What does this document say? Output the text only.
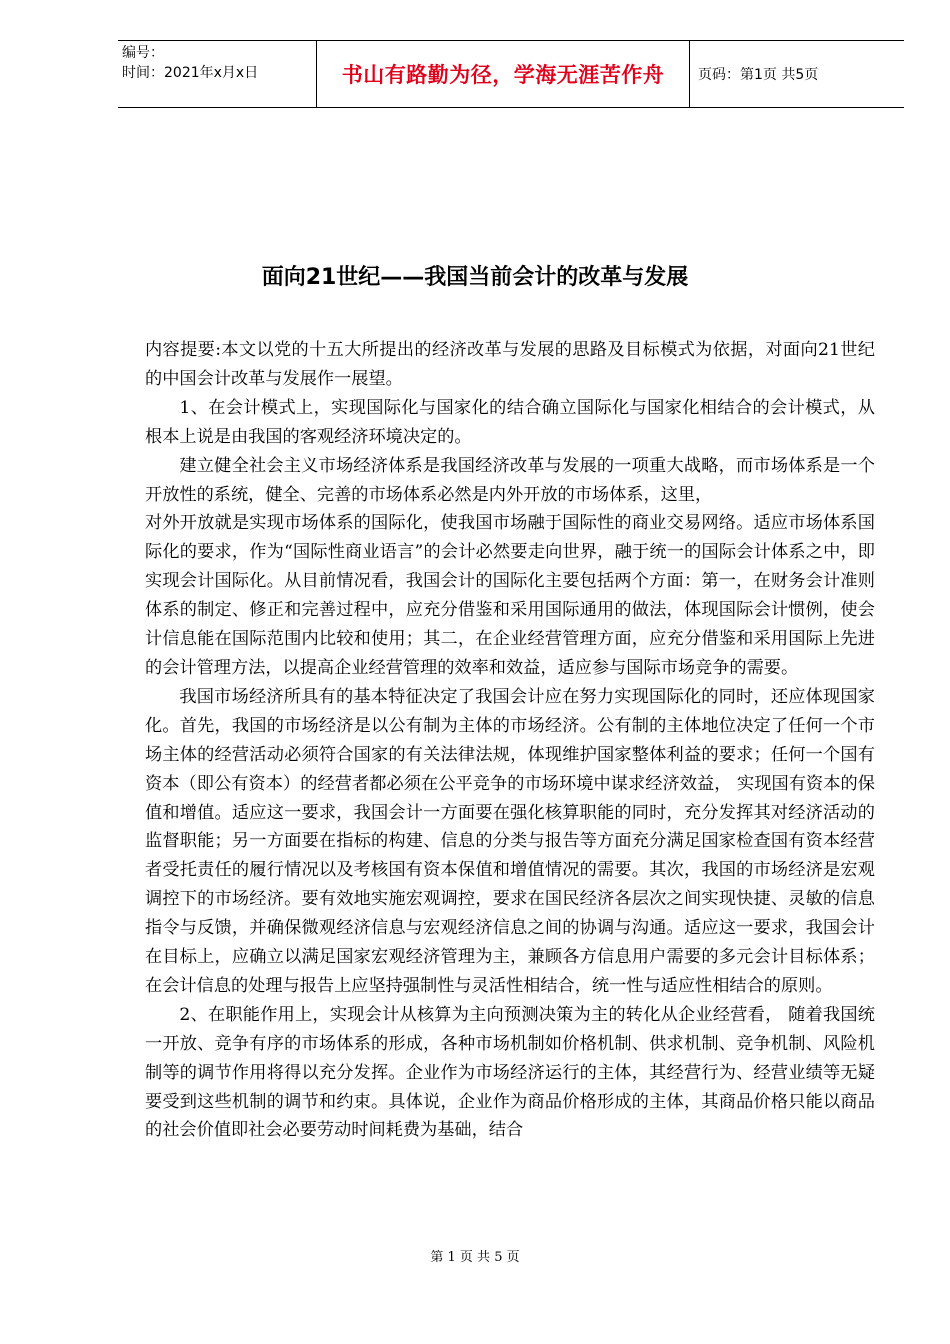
编号：
时间：2021年x月x日	书山有路勤为径，学海无涯苦作舟 页码：第1页 共5页
面向21世纪——我国当前会计的改革与发展

内容提要:本文以党的十五大所提出的经济改革与发展的思路及目标模式为依据，对面向21世纪的中国会计改革与发展作一展望。

1、在会计模式上，实现国际化与国家化的结合确立国际化与国家化相结合的会计模式，从根本上说是由我国的客观经济环境决定的。

建立健全社会主义市场经济体系是我国经济改革与发展的一项重大战略，而市场体系是一个开放性的系统，健全、完善的市场体系必然是内外开放的市场体系，这里，

对外开放就是实现市场体系的国际化，使我国市场融于国际性的商业交易网络。适应市场体系国际化的要求，作为“国际性商业语言”的会计必然要走向世界，融于统一的国际会计体系之中，即实现会计国际化。从目前情况看，我国会计的国际化主要包括两个方面：第一，在财务会计准则体系的制定、修正和完善过程中，应充分借鉴和采用国际通用的做法，体现国际会计惯例，使会计信息能在国际范围内比较和使用；其二，在企业经营管理方面，应充分借鉴和采用国际上先进的会计管理方法，以提高企业经营管理的效率和效益，适应参与国际市场竞争的需要。

我国市场经济所具有的基本特征决定了我国会计应在努力实现国际化的同时，还应体现国家化。首先，我国的市场经济是以公有制为主体的市场经济。公有制的主体地位决定了任何一个市场主体的经营活动必须符合国家的有关法律法规，体现维护国家整体利益的要求；任何一个国有资本（即公有资本）的经营者都必须在公平竞争的市场环境中谋求经济效益， 实现国有资本的保值和增值。适应这一要求，我国会计一方面要在强化核算职能的同时，充分发挥其对经济活动的监督职能；另一方面要在指标的构建、信息的分类与报告等方面充分满足国家检查国有资本经营者受托责任的履行情况以及考核国有资本保值和增值情况的需要。其次，我国的市场经济是宏观调控下的市场经济。要有效地实施宏观调控，要求在国民经济各层次之间实现快捷、灵敏的信息指令与反馈，并确保微观经济信息与宏观经济信息之间的协调与沟通。适应这一要求，我国会计在目标上，应确立以满足国家宏观经济管理为主，兼顾各方信息用户需要的多元会计目标体系；在会计信息的处理与报告上应坚持强制性与灵活性相结合，统一性与适应性相结合的原则。

2、在职能作用上，实现会计从核算为主向预测决策为主的转化从企业经营看， 随着我国统一开放、竞争有序的市场体系的形成，各种市场机制如价格机制、供求机制、竞争机制、风险机制等的调节作用将得以充分发挥。企业作为市场经济运行的主体，其经营行为、经营业绩等无疑要受到这些机制的调节和约束。具体说，企业作为商品价格形成的主体，其商品价格只能以商品的社会价值即社会必要劳动时间耗费为基础，结合

第 1 页 共 5 页
